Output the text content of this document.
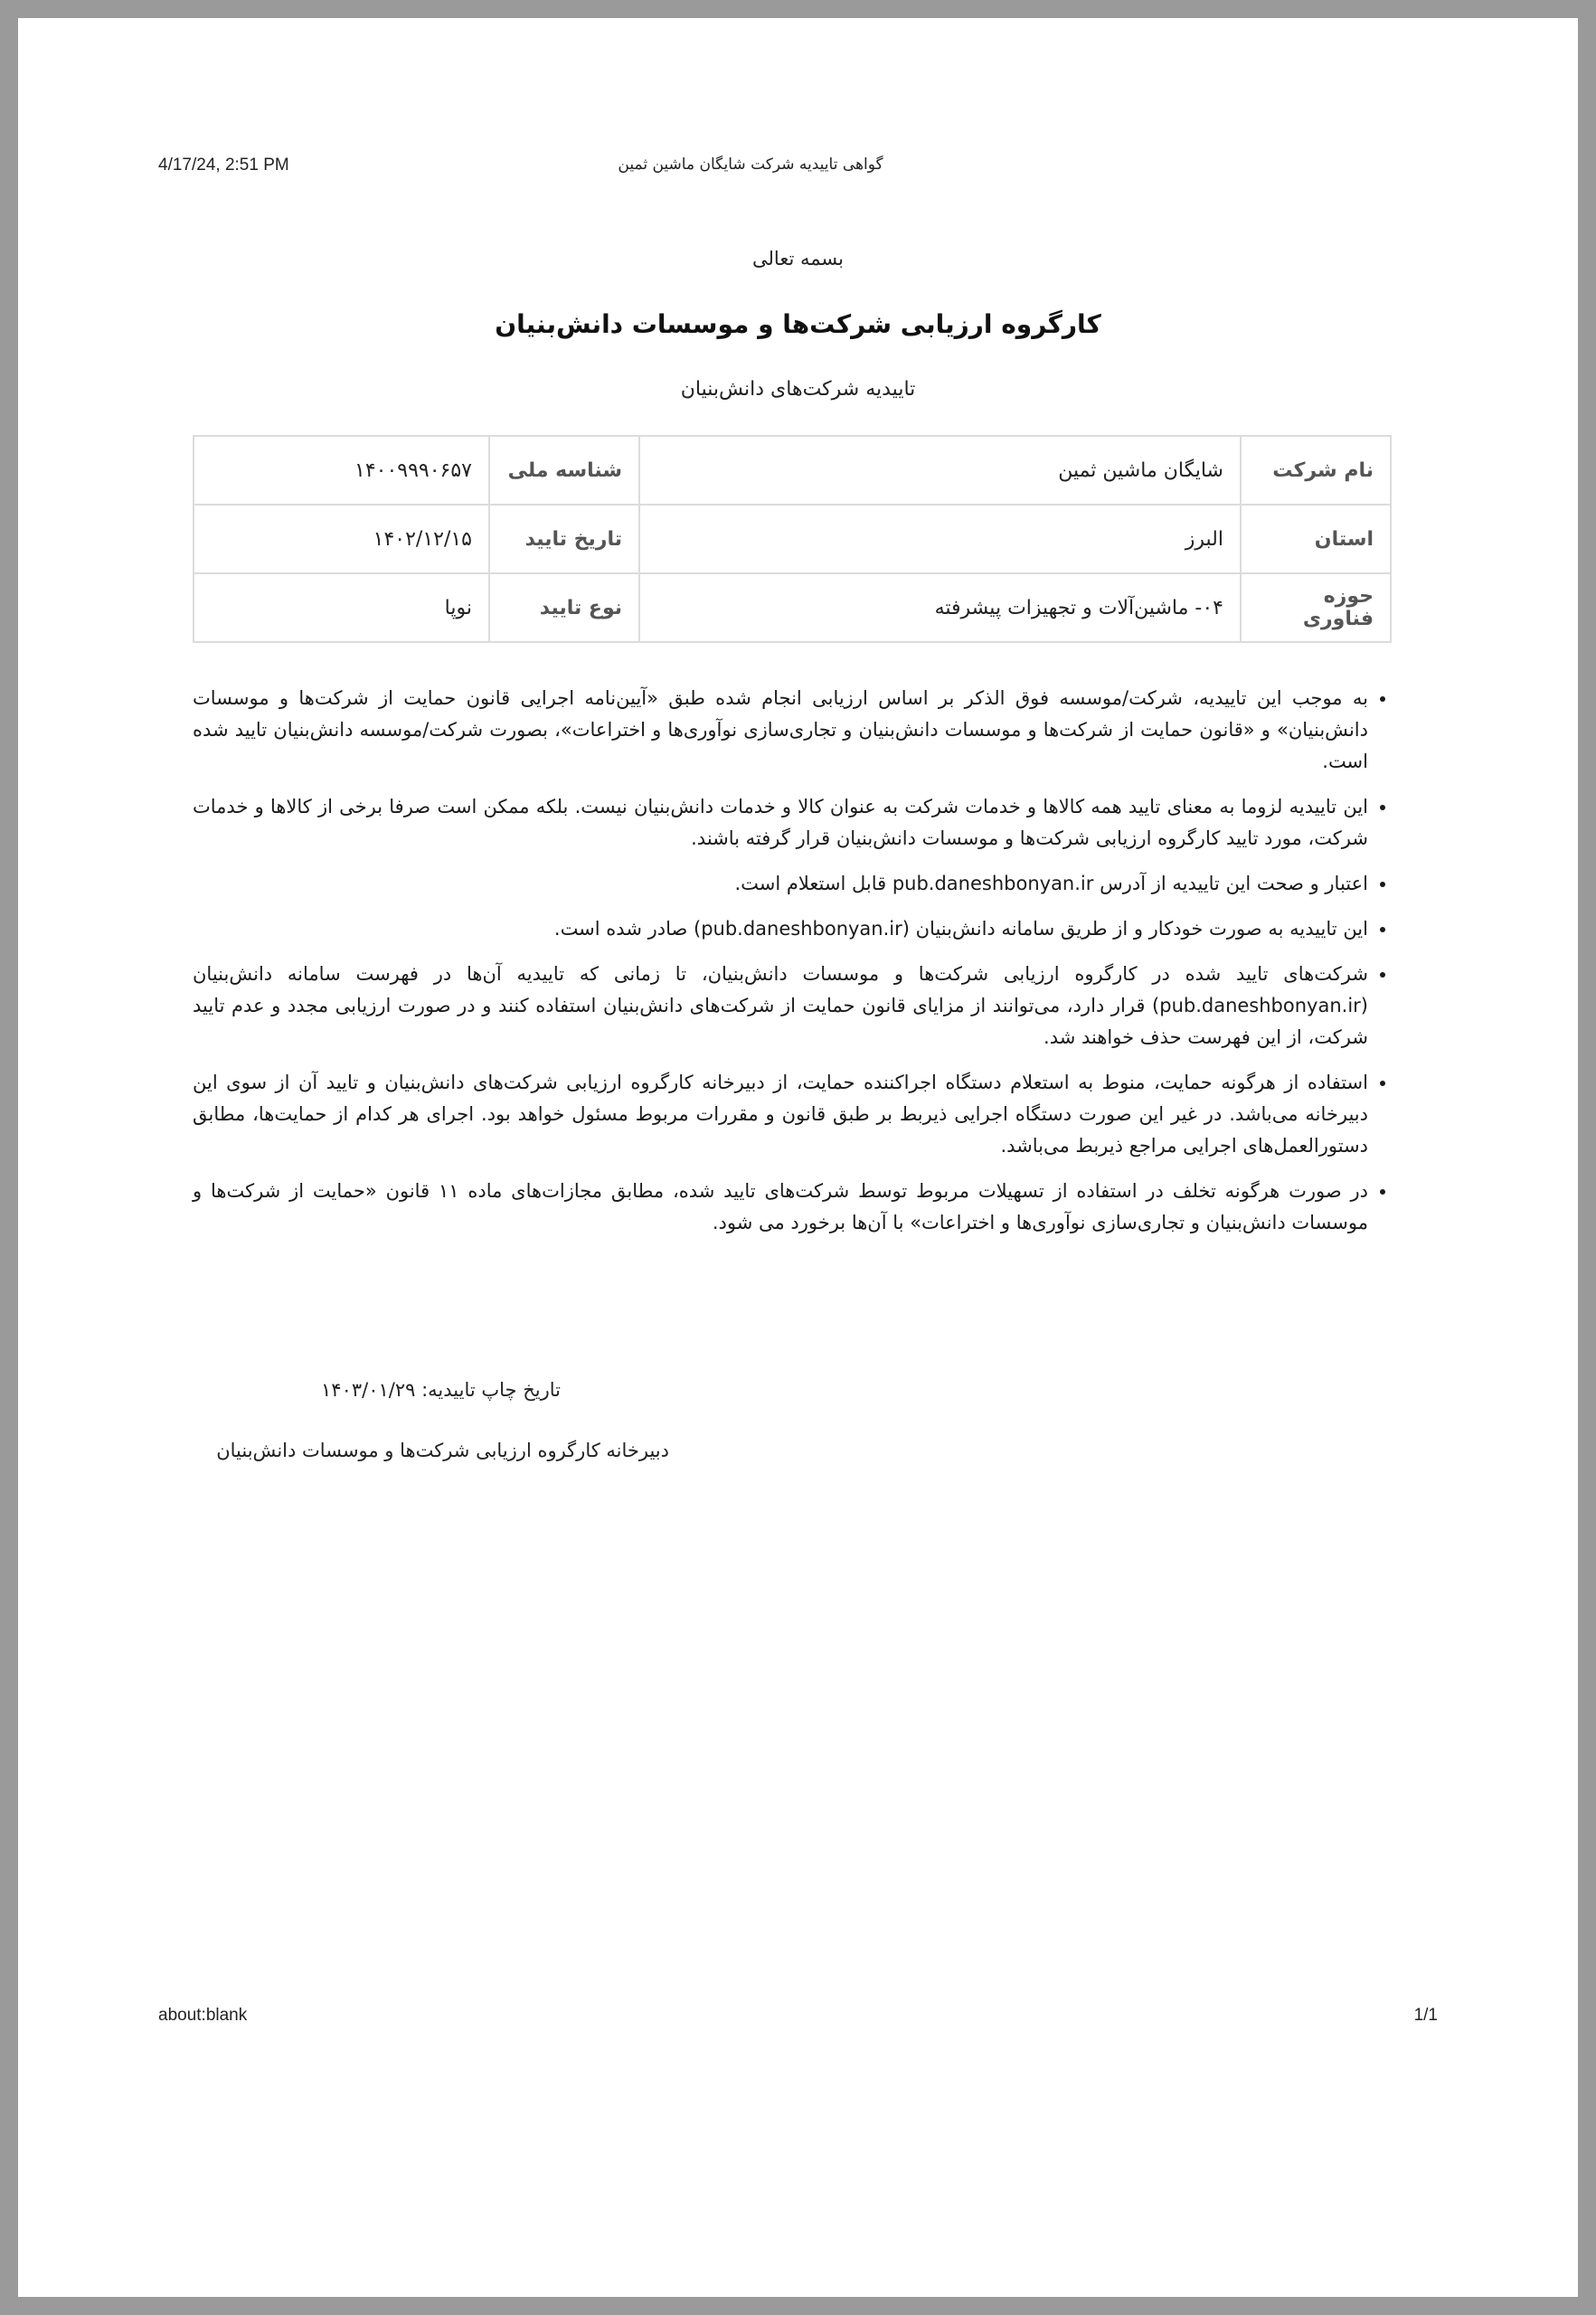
4/17/24, 2:51 PM	گواهی تاییدیه شرکت شایگان ماشین ثمین
بسمه تعالی
کارگروه ارزیابی شرکت‌ها و موسسات دانش‌بنیان
تاییدیه شرکت‌های دانش‌بنیان
نام شرکت	شایگان ماشین ثمین	شناسه ملی	۱۴۰۰۹۹۹۰۶۵۷
استان	البرز	تاریخ تایید	۱۴۰۲/۱۲/۱۵
حوزه فناوری	۰۴- ماشین‌آلات و تجهیزات پیشرفته	نوع تایید	نوپا
• به موجب این تاییدیه، شرکت/موسسه فوق الذکر بر اساس ارزیابی انجام شده طبق «آیین‌نامه اجرایی قانون حمایت از شرکت‌ها و موسسات دانش‌بنیان» و «قانون حمایت از شرکت‌ها و موسسات دانش‌بنیان و تجاری‌سازی نوآوری‌ها و اختراعات»، بصورت شرکت/موسسه دانش‌بنیان تایید شده است.
• این تاییدیه لزوما به معنای تایید همه کالاها و خدمات شرکت به عنوان کالا و خدمات دانش‌بنیان نیست. بلکه ممکن است صرفا برخی از کالاها و خدمات شرکت، مورد تایید کارگروه ارزیابی شرکت‌ها و موسسات دانش‌بنیان قرار گرفته باشند.
• اعتبار و صحت این تاییدیه از آدرس pub.daneshbonyan.ir قابل استعلام است.
• این تاییدیه به صورت خودکار و از طریق سامانه دانش‌بنیان (pub.daneshbonyan.ir) صادر شده است.
• شرکت‌های تایید شده در کارگروه ارزیابی شرکت‌ها و موسسات دانش‌بنیان، تا زمانی که تاییدیه آن‌ها در فهرست سامانه دانش‌بنیان (pub.daneshbonyan.ir) قرار دارد، می‌توانند از مزایای قانون حمایت از شرکت‌های دانش‌بنیان استفاده کنند و در صورت ارزیابی مجدد و عدم تایید شرکت، از این فهرست حذف خواهند شد.
• استفاده از هرگونه حمایت، منوط به استعلام دستگاه اجراکننده حمایت، از دبیرخانه کارگروه ارزیابی شرکت‌های دانش‌بنیان و تایید آن از سوی این دبیرخانه می‌باشد. در غیر این صورت دستگاه اجرایی ذیربط بر طبق قانون و مقررات مربوط مسئول خواهد بود. اجرای هر کدام از حمایت‌ها، مطابق دستورالعمل‌های اجرایی مراجع ذیربط می‌باشد.
• در صورت هرگونه تخلف در استفاده از تسهیلات مربوط توسط شرکت‌های تایید شده، مطابق مجازات‌های ماده ۱۱ قانون «حمایت از شرکت‌ها و موسسات دانش‌بنیان و تجاری‌سازی نوآوری‌ها و اختراعات» با آن‌ها برخورد می شود.
تاریخ چاپ تاییدیه: ۱۴۰۳/۰۱/۲۹
دبیرخانه کارگروه ارزیابی شرکت‌ها و موسسات دانش‌بنیان
about:blank	1/1
